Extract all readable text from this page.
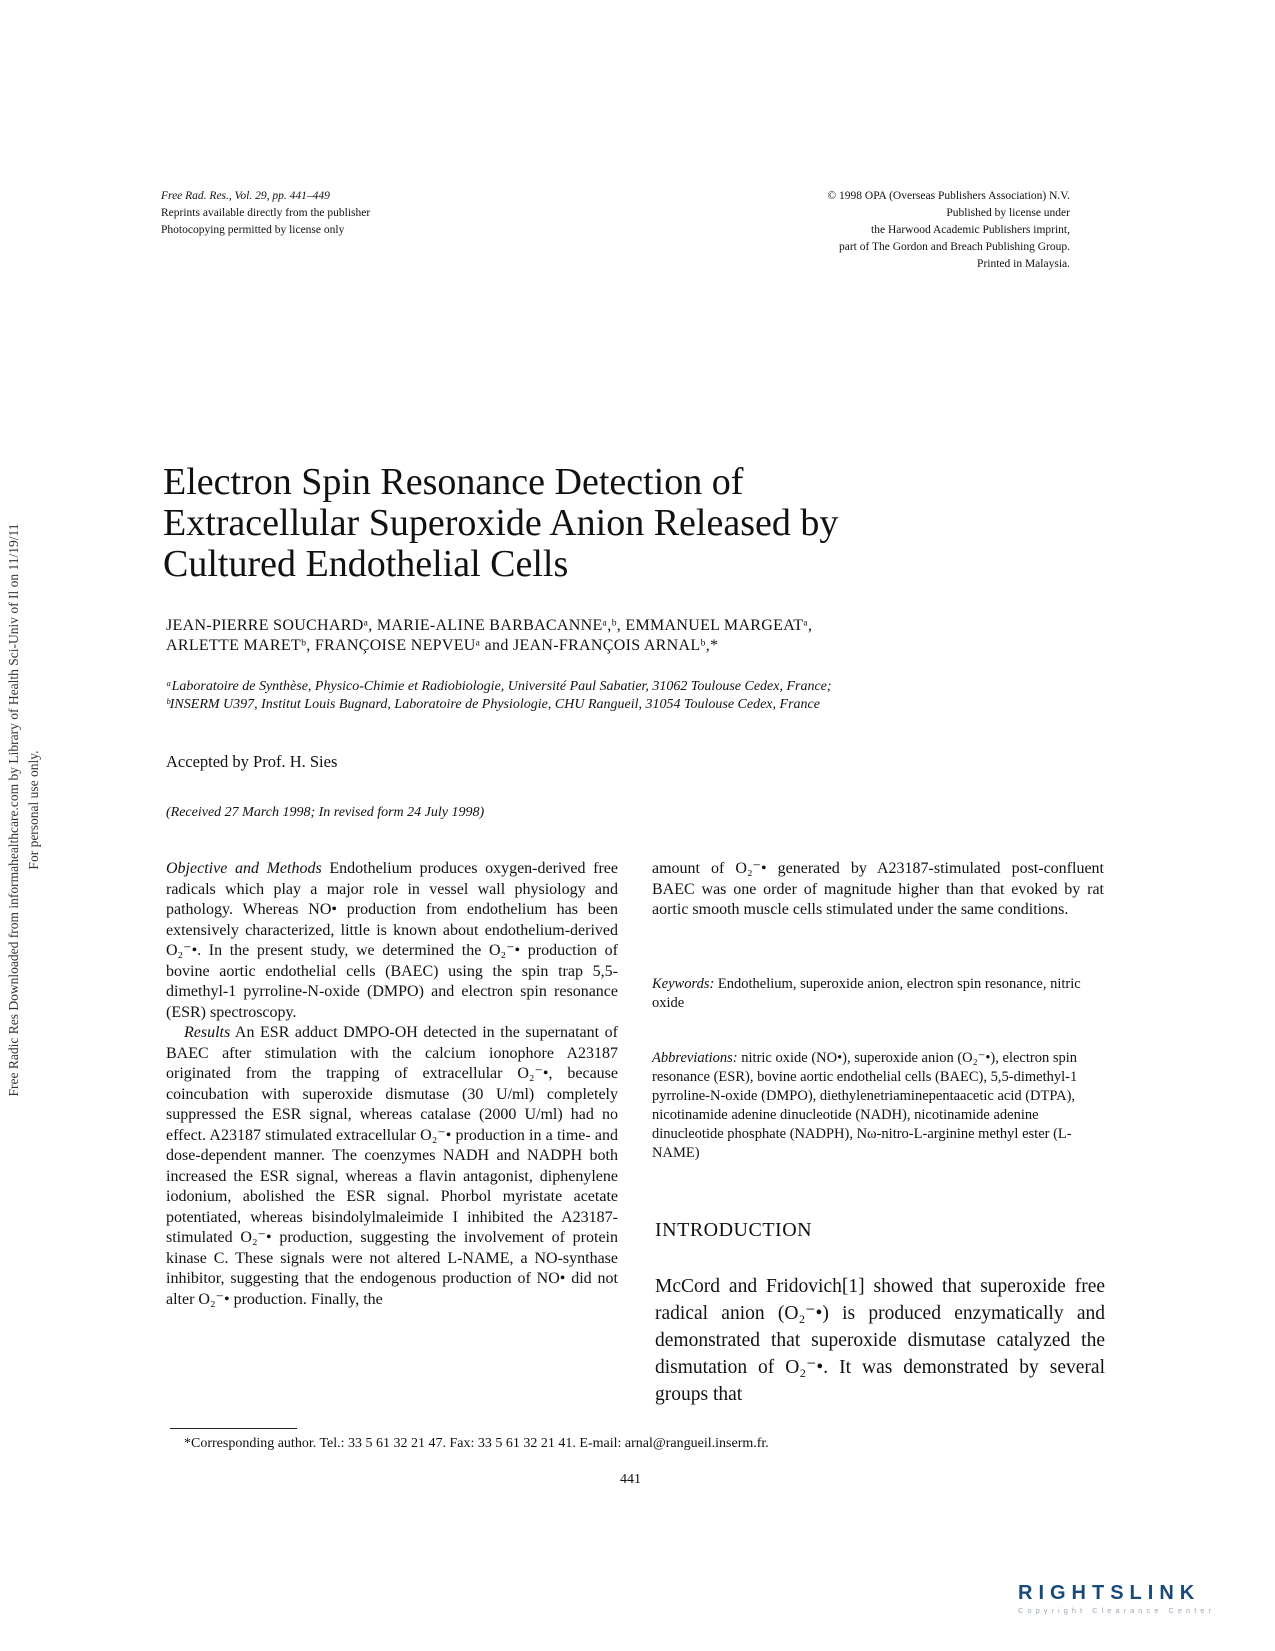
Free Rad. Res., Vol. 29, pp. 441–449
Reprints available directly from the publisher
Photocopying permitted by license only
© 1998 OPA (Overseas Publishers Association) N.V.
Published by license under
the Harwood Academic Publishers imprint,
part of The Gordon and Breach Publishing Group.
Printed in Malaysia.
Free Radic Res Downloaded from informahealthcare.com by Library of Health Sci-Univ of Il on 11/19/11 For personal use only.
Electron Spin Resonance Detection of
Extracellular Superoxide Anion Released by
Cultured Endothelial Cells
JEAN-PIERRE SOUCHARDᵃ, MARIE-ALINE BARBACANNEᵃ,ᵇ, EMMANUEL MARGEATᵃ,
ARLETTE MARETᵇ, FRANÇOISE NEPVEUᵃ and JEAN-FRANÇOIS ARNALᵇ,*
ᵃLaboratoire de Synthèse, Physico-Chimie et Radiobiologie, Université Paul Sabatier, 31062 Toulouse Cedex, France;
ᵇINSERM U397, Institut Louis Bugnard, Laboratoire de Physiologie, CHU Rangueil, 31054 Toulouse Cedex, France
Accepted by Prof. H. Sies
(Received 27 March 1998; In revised form 24 July 1998)

Objective and Methods Endothelium produces oxygen-derived free radicals which play a major role in vessel wall physiology and pathology. Whereas NO• production from endothelium has been extensively characterized, little is known about endothelium-derived O₂⁻•. In the present study, we determined the O₂⁻• production of bovine aortic endothelial cells (BAEC) using the spin trap 5,5-dimethyl-1 pyrroline-N-oxide (DMPO) and electron spin resonance (ESR) spectroscopy.

Results An ESR adduct DMPO-OH detected in the supernatant of BAEC after stimulation with the calcium ionophore A23187 originated from the trapping of extracellular O₂⁻•, because coincubation with superoxide dismutase (30 U/ml) completely suppressed the ESR signal, whereas catalase (2000 U/ml) had no effect. A23187 stimulated extracellular O₂⁻• production in a time- and dose-dependent manner. The coenzymes NADH and NADPH both increased the ESR signal, whereas a flavin antagonist, diphenylene iodonium, abolished the ESR signal. Phorbol myristate acetate potentiated, whereas bisindolylmaleimide I inhibited the A23187-stimulated O₂⁻• production, suggesting the involvement of protein kinase C. These signals were not altered L-NAME, a NO-synthase inhibitor, suggesting that the endogenous production of NO• did not alter O₂⁻• production. Finally, the

amount of O₂⁻• generated by A23187-stimulated post-confluent BAEC was one order of magnitude higher than that evoked by rat aortic smooth muscle cells stimulated under the same conditions.
Keywords: Endothelium, superoxide anion, electron spin resonance, nitric oxide
Abbreviations: nitric oxide (NO•), superoxide anion (O₂⁻•), electron spin resonance (ESR), bovine aortic endothelial cells (BAEC), 5,5-dimethyl-1 pyrroline-N-oxide (DMPO), diethylenetriaminepentaacetic acid (DTPA), nicotinamide adenine dinucleotide (NADH), nicotinamide adenine dinucleotide phosphate (NADPH), Nω-nitro-L-arginine methyl ester (L-NAME)
INTRODUCTION
McCord and Fridovich[1] showed that superoxide free radical anion (O₂⁻•) is produced enzymatically and demonstrated that superoxide dismutase catalyzed the dismutation of O₂⁻•. It was demonstrated by several groups that
*Corresponding author. Tel.: 33 5 61 32 21 47. Fax: 33 5 61 32 21 41. E-mail: arnal@rangueil.inserm.fr.
441
RIGHTSLINK
Copyright Clearance Center
